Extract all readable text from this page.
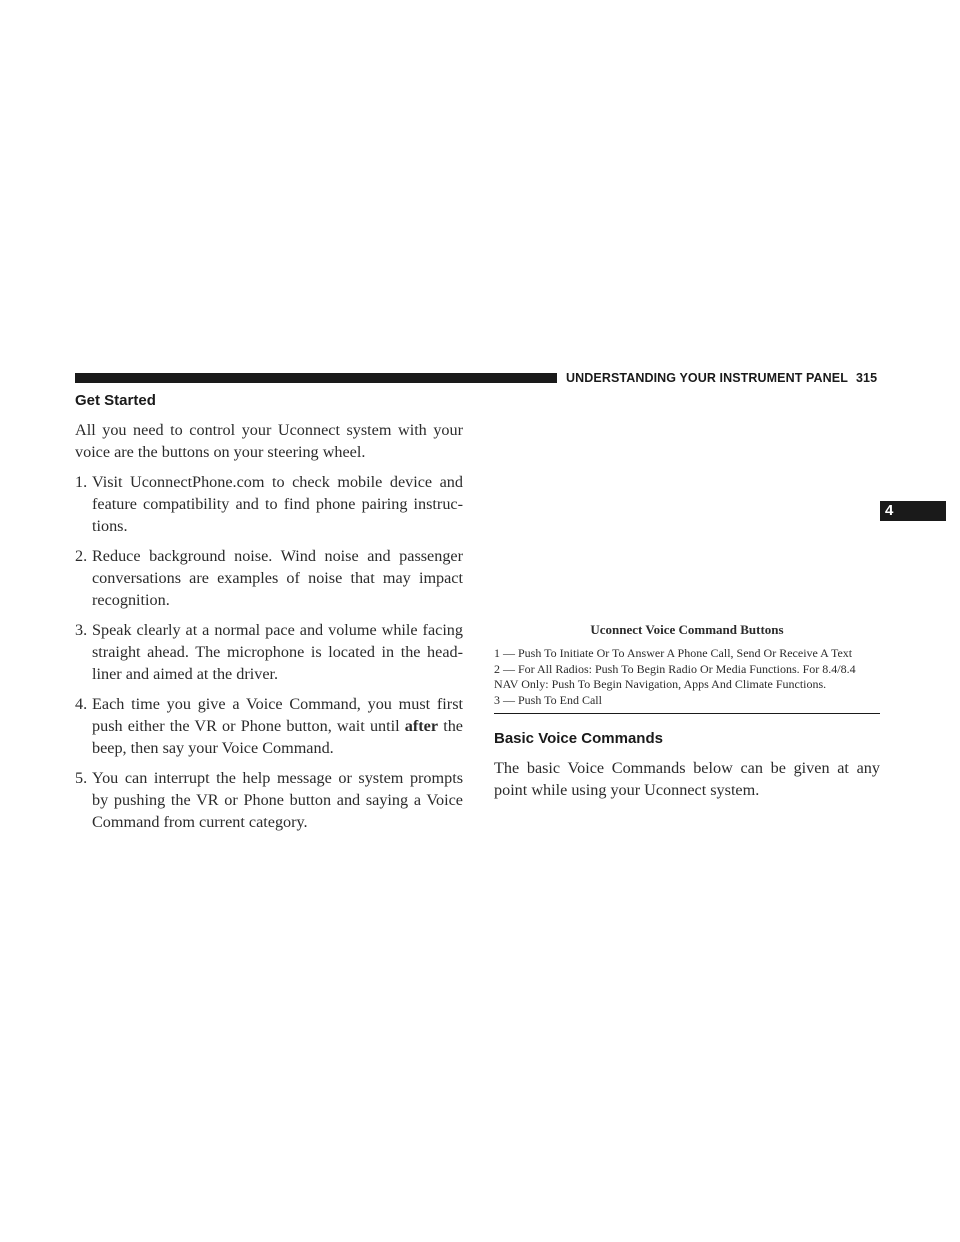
UNDERSTANDING YOUR INSTRUMENT PANEL 315
4
Get Started

All you need to control your Uconnect system with your voice are the buttons on your steering wheel.

1. Visit UconnectPhone.com to check mobile device and feature compatibility and to find phone pairing instruc-tions.
2. Reduce background noise. Wind noise and passenger conversations are examples of noise that may impact recognition.
3. Speak clearly at a normal pace and volume while facing straight ahead. The microphone is located in the head-liner and aimed at the driver.
4. Each time you give a Voice Command, you must first push either the VR or Phone button, wait until after the beep, then say your Voice Command.
5. You can interrupt the help message or system prompts by pushing the VR or Phone button and saying a Voice Command from current category.
Uconnect Voice Command Buttons
1 — Push To Initiate Or To Answer A Phone Call, Send Or Receive A Text
2 — For All Radios: Push To Begin Radio Or Media Functions. For 8.4/8.4 NAV Only: Push To Begin Navigation, Apps And Climate Functions.
3 — Push To End Call
Basic Voice Commands

The basic Voice Commands below can be given at any point while using your Uconnect system.
